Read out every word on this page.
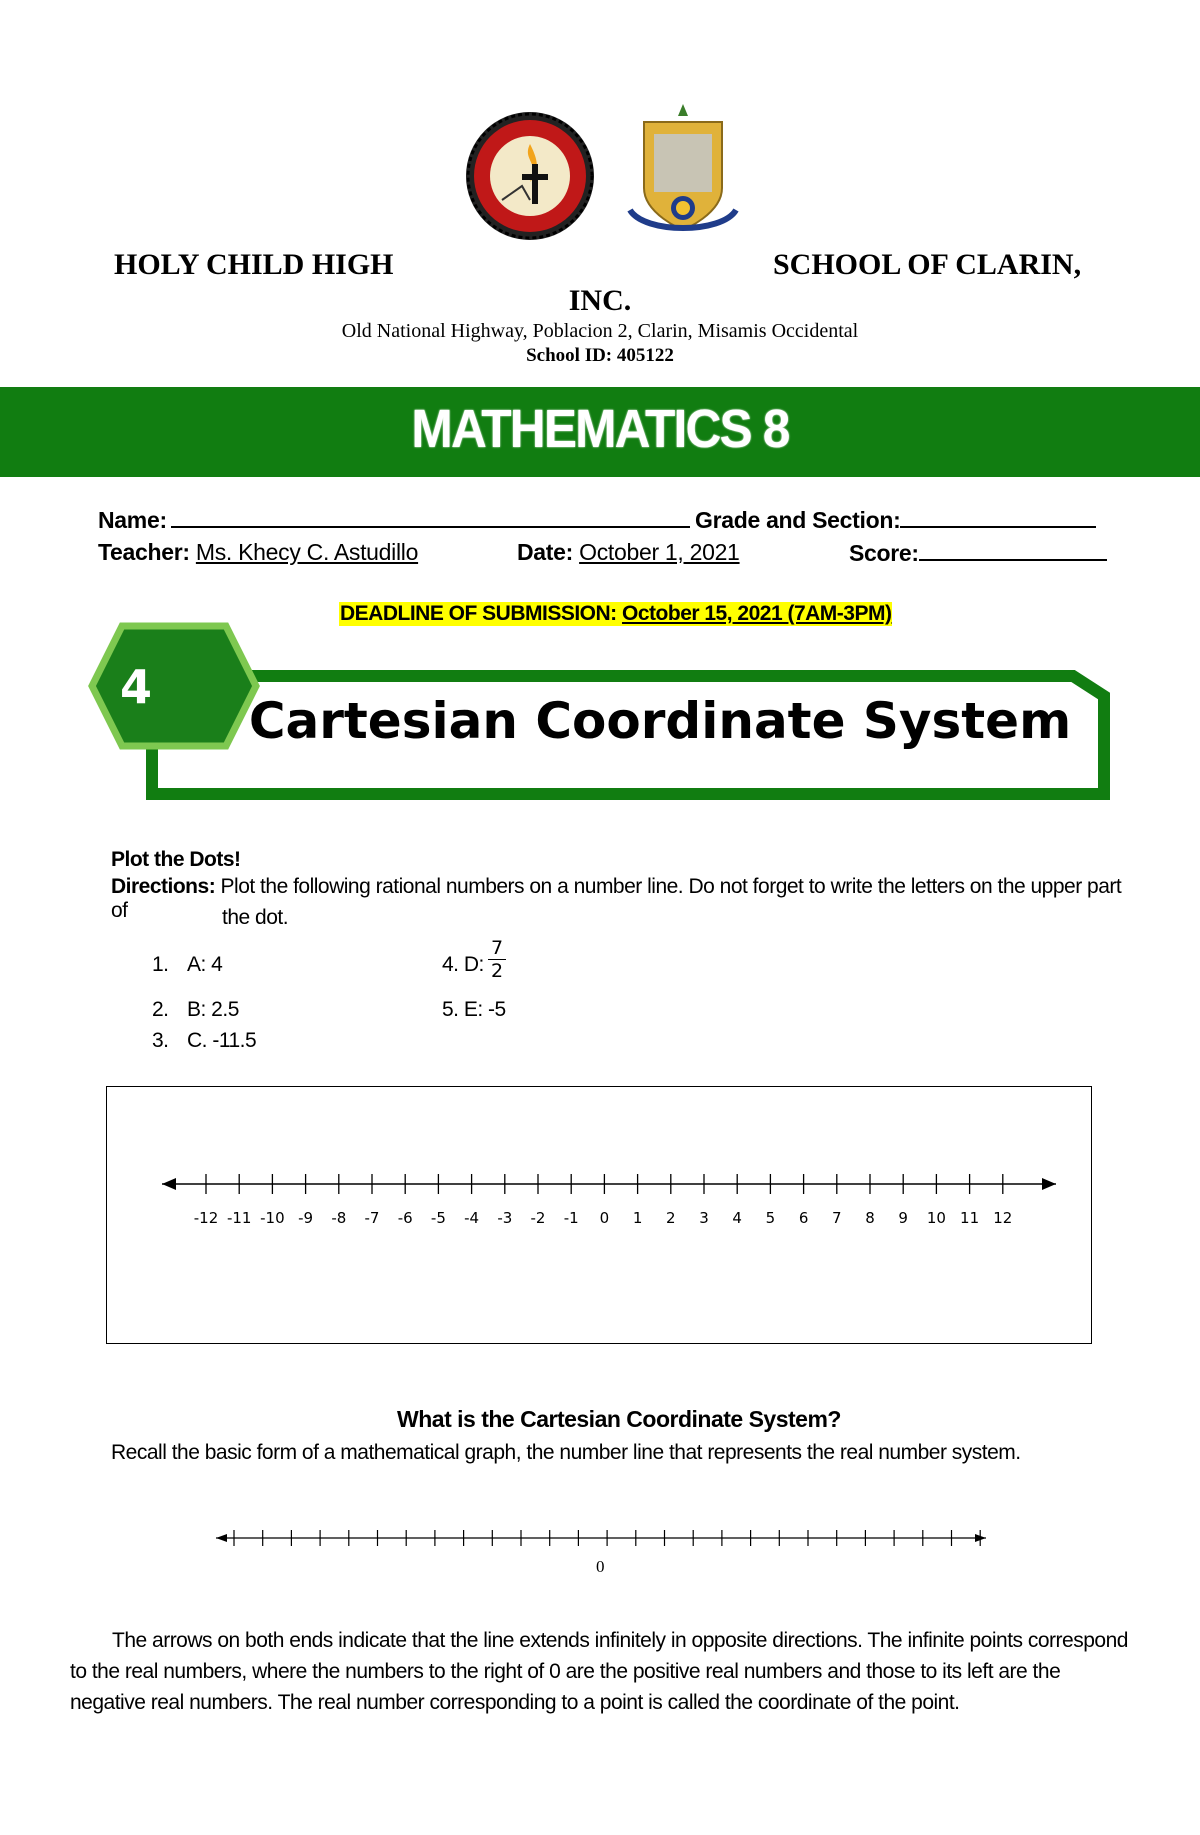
HOLY CHILD HIGH	SCHOOL OF CLARIN,
INC.
Old National Highway, Poblacion 2, Clarin, Misamis Occidental
School ID: 405122
MATHEMATICS 8
Name:	Grade and Section:
Teacher: Ms. Khecy C. Astudillo	Date: October 1, 2021	Score:
DEADLINE OF SUBMISSION: October 15, 2021 (7AM-3PM)
4
Cartesian Coordinate System
Plot the Dots!
Directions: Plot the following rational numbers on a number line. Do not forget to write the letters on the upper part of	the dot.
1. A: 4
2. B: 2.5
3. C. -11.5
4. D: $\frac{7}{2}$
5. E: -5
-12 -11 -10 -9 -8 -7 -6 -5 -4 -3 -2 -1 0 1 2 3 4 5 6 7 8 9 10 11 12
What is the Cartesian Coordinate System?
Recall the basic form of a mathematical graph, the number line that represents the real number system.
0
The arrows on both ends indicate that the line extends infinitely in opposite directions. The infinite points correspond to the real numbers, where the numbers to the right of 0 are the positive real numbers and those to its left are the negative real numbers. The real number corresponding to a point is called the coordinate of the point.
